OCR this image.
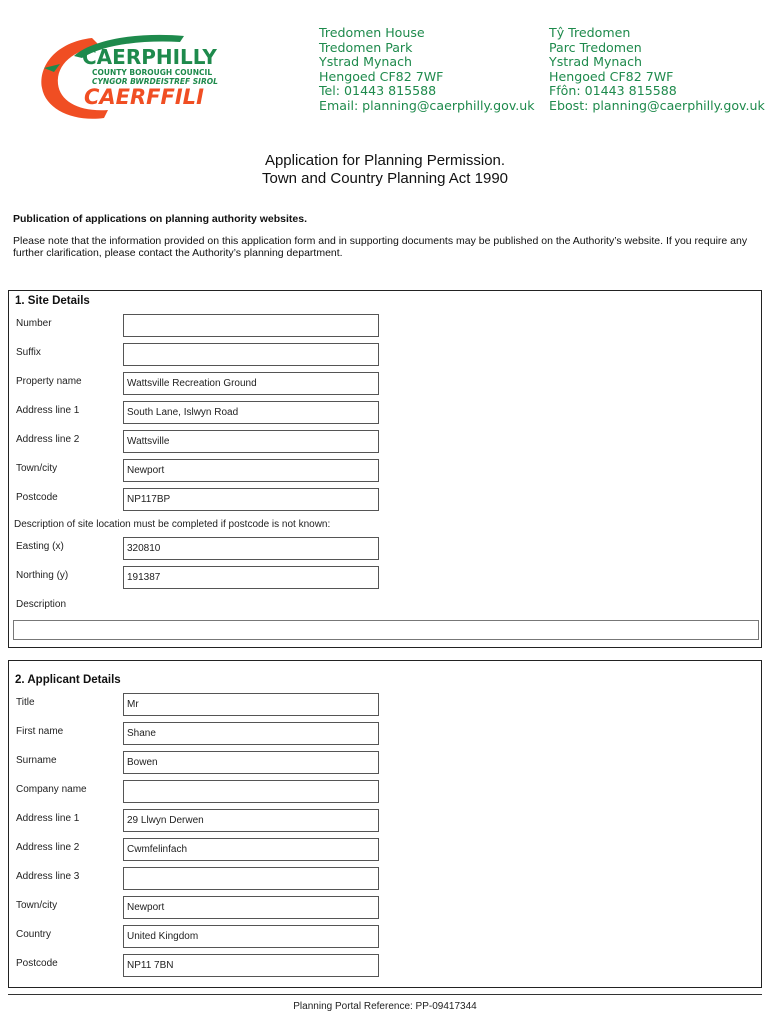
CAERPHILLY
COUNTY BOROUGH COUNCIL
CYNGOR BWRDEISTREF SIROL
CAERFFILI
Tredomen House
Tredomen Park
Ystrad Mynach
Hengoed CF82 7WF
Tel: 01443 815588
Email: planning@caerphilly.gov.uk
Tŷ Tredomen
Parc Tredomen
Ystrad Mynach
Hengoed CF82 7WF
Ffôn: 01443 815588
Ebost: planning@caerphilly.gov.uk
Application for Planning Permission.
Town and Country Planning Act 1990
Publication of applications on planning authority websites.
Please note that the information provided on this application form and in supporting documents may be published on the Authority’s website. If you require any further clarification, please contact the Authority’s planning department.
1. Site Details
Number
Suffix
Property name	Wattsville Recreation Ground
Address line 1	South Lane, Islwyn Road
Address line 2	Wattsville
Town/city	Newport
Postcode	NP117BP
Description of site location must be completed if postcode is not known:
Easting (x)	320810
Northing (y)	191387
Description
2. Applicant Details
Title	Mr
First name	Shane
Surname	Bowen
Company name
Address line 1	29 Llwyn Derwen
Address line 2	Cwmfelinfach
Address line 3
Town/city	Newport
Country	United Kingdom
Postcode	NP11 7BN
Planning Portal Reference: PP-09417344
